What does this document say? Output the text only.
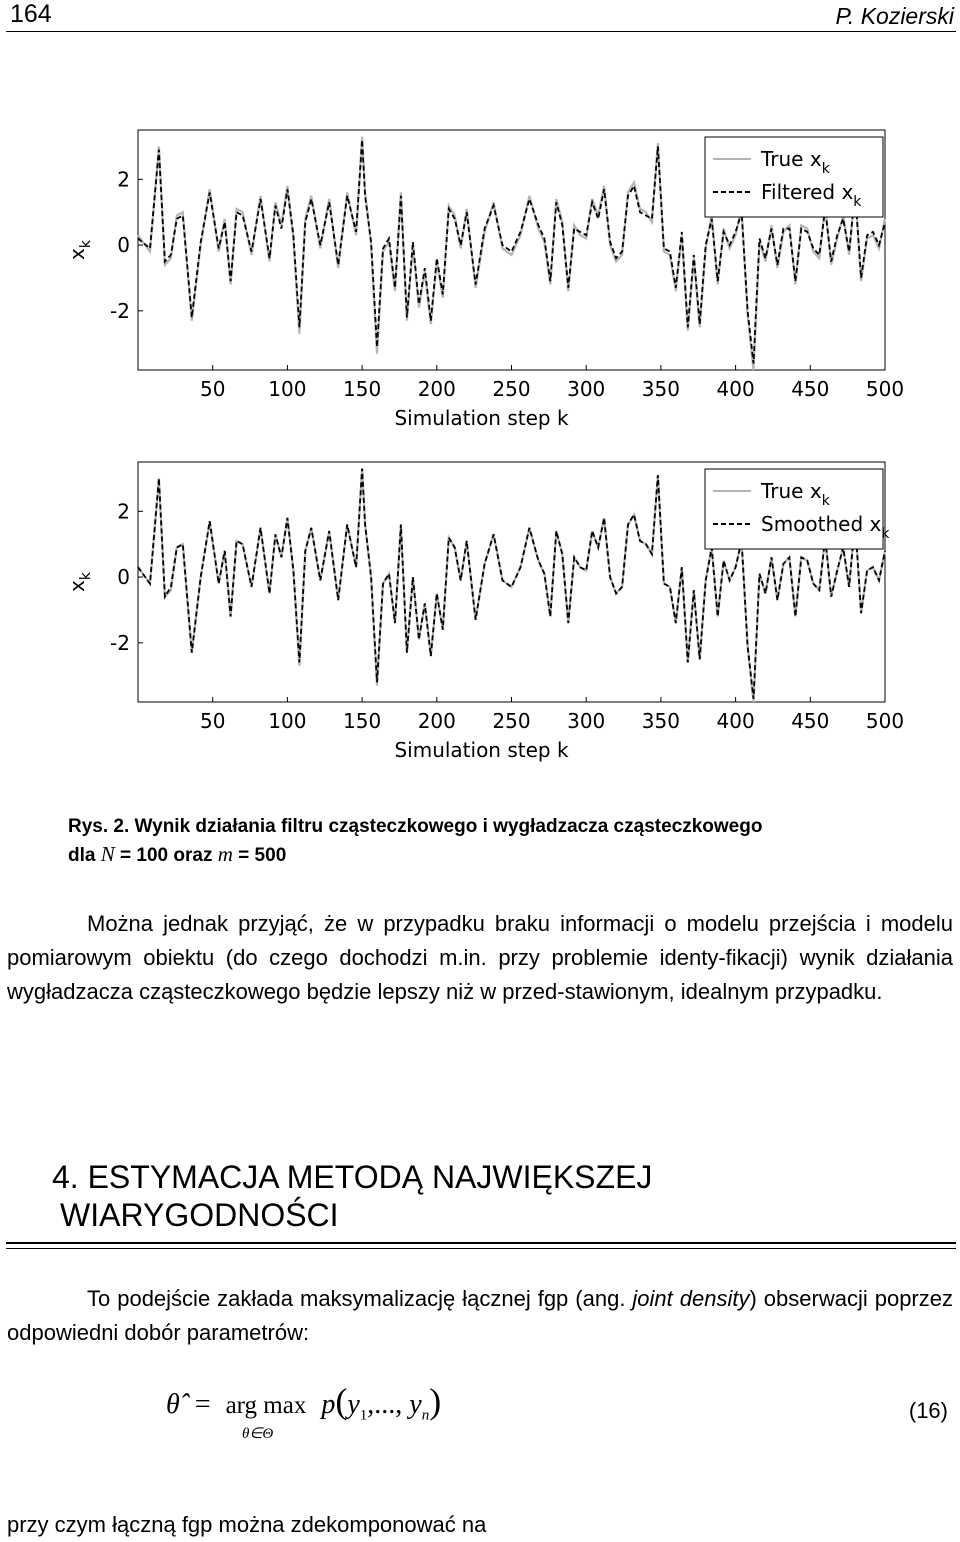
164	P. Kozierski
50 100 150 200 250 300 350 400 450 500
2
0
-2
Simulation step k
$x_k$
True $x_k$
Filtered $x_k$
50 100 150 200 250 300 350 400 450 500
2
0
-2
Simulation step k
$x_k$
True $x_k$
Smoothed $x_k$
Rys. 2. Wynik działania filtru cząsteczkowego i wygładzacza cząsteczkowego
dla N = 100 oraz m = 500
Można jednak przyjąć, że w przypadku braku informacji o modelu przejścia i modelu pomiarowym obiektu (do czego dochodzi m.in. przy problemie identy-fikacji) wynik działania wygładzacza cząsteczkowego będzie lepszy niż w przed-stawionym, idealnym przypadku.
4. ESTYMACJA METODĄ NAJWIĘKSZEJ
WIARYGODNOŚCI
To podejście zakłada maksymalizację łącznej fgp (ang. joint density) obserwacji poprzez odpowiedni dobór parametrów:
θ̂ = arg max
θ∈Θ
$p(y_1$,..., $y_n$)	(16)
przy czym łączną fgp można zdekomponować na
